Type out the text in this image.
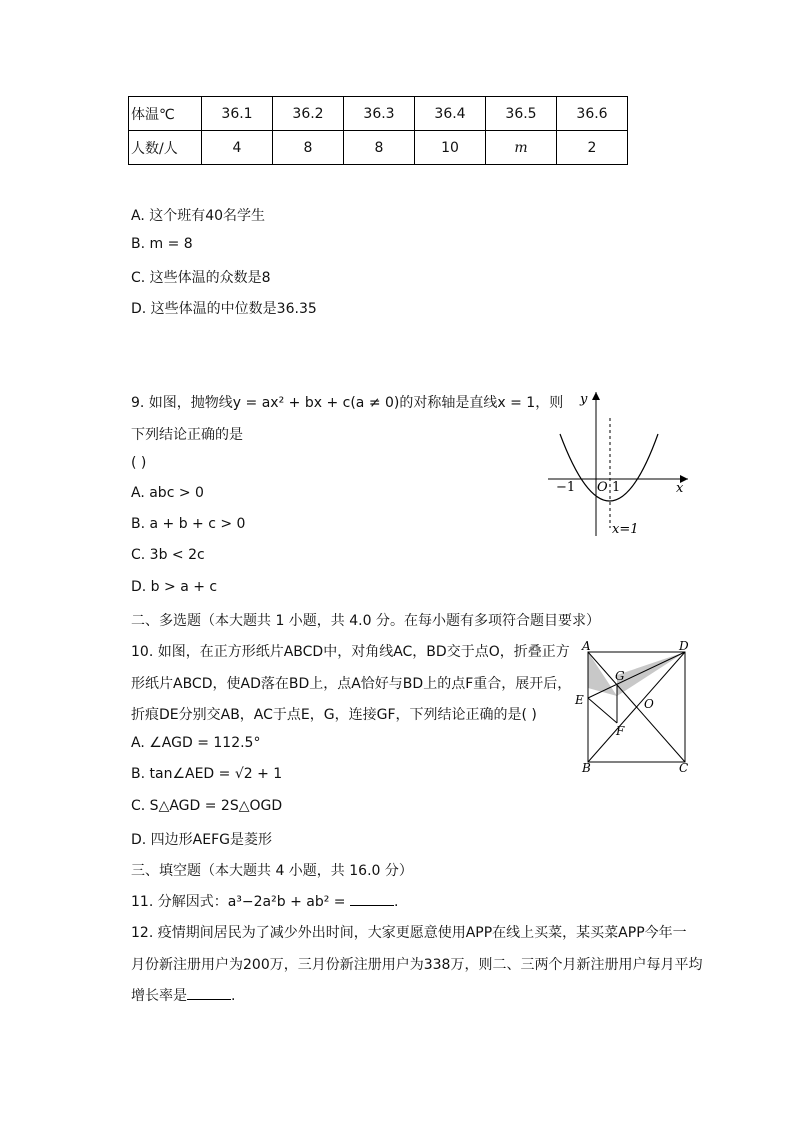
体温℃	36.1	36.2	36.3	36.4	36.5	36.6
人数/人	4	8	8	10	m	2
A. 这个班有40名学生
B. m = 8
C. 这些体温的众数是8
D. 这些体温的中位数是36.35
9. 如图，抛物线y = ax² + bx + c(a ≠ 0)的对称轴是直线x = 1，则
下列结论正确的是
( )
A. abc > 0
B. a + b + c > 0
C. 3b < 2c
D. b > a + c
y
x
O
−1	1
x=1
二、多选题（本大题共 1 小题，共 4.0 分。在每小题有多项符合题目要求）
10. 如图，在正方形纸片ABCD中，对角线AC，BD交于点O，折叠正方
形纸片ABCD，使AD落在BD上，点A恰好与BD上的点F重合，展开后，
折痕DE分别交AB，AC于点E，G，连接GF，下列结论正确的是( )
A. ∠AGD = 112.5°
B. tan∠AED = √2 + 1
C. S△AGD = 2S△OGD
D. 四边形AEFG是菱形
A	D
B	C
E
G
F
O
三、填空题（本大题共 4 小题，共 16.0 分）
11. 分解因式：a³−2a²b + ab² =	.
12. 疫情期间居民为了减少外出时间，大家更愿意使用APP在线上买菜，某买菜APP今年一
月份新注册用户为200万，三月份新注册用户为338万，则二、三两个月新注册用户每月平均
增长率是	.
